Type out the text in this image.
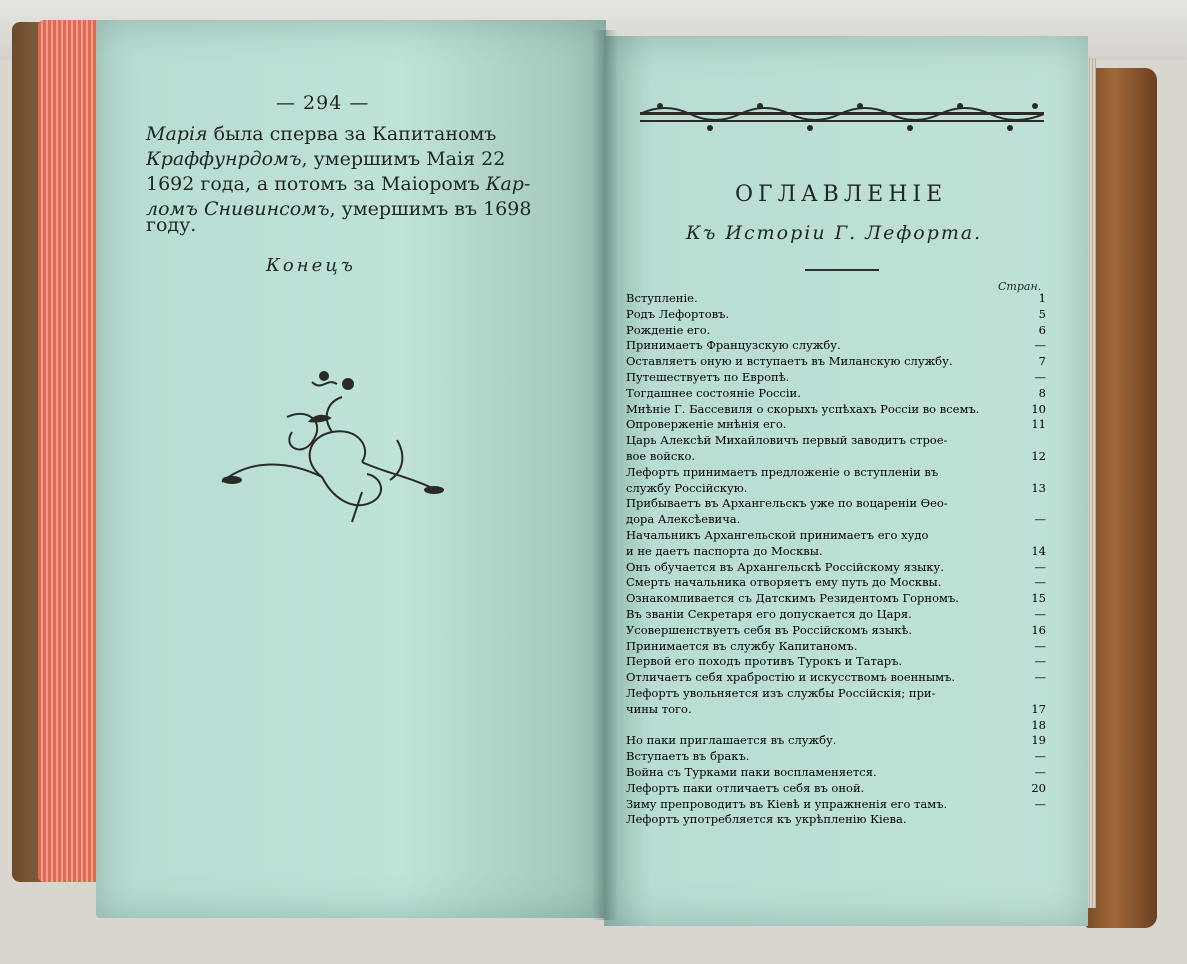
— 294 —
Марія была сперва за Капитаномъ
Краффунрдомъ, умершимъ Маія 22
1692 года, а потомъ за Маіоромъ Кар-
ломъ Снивинсомъ, умершимъ въ 1698
году.
Конецъ
ОГЛАВЛЕНІЕ
Къ Исторіи Г. Лефорта.
Стран.
Вступленіе.	1
Родъ Лефортовъ.	5
Рожденіе его.	6
Принимаетъ Французскую службу.	—
Оставляетъ оную и вступаетъ въ Миланскую службу.	7
Путешествуетъ по Европѣ.	—
Тогдашнее состояніе Россіи.	8
Мнѣніе Г. Бассевиля о скорыхъ успѣхахъ Россіи во всемъ.	10
Опроверженіе мнѣнія его.	11
Царь Алексѣй Михайловичъ первый заводитъ строе-
вое войско.	12
Лефортъ принимаетъ предложеніе о вступленіи въ
службу Россійскую.	13
Прибываетъ въ Архангельскъ уже по воцареніи Ѳео-
дора Алексѣевича.	—
Начальникъ Архангельской принимаетъ его худо
и не даетъ паспорта до Москвы.	14
Онъ обучается въ Архангельскѣ Россійскому языку.	—
Смерть начальника отворяетъ ему путь до Москвы.	—
Ознакомливается съ Датскимъ Резидентомъ Горномъ.	15
Въ званіи Секретаря его допускается до Царя.	—
Усовершенствуетъ себя въ Россійскомъ языкѣ.	16
Принимается въ службу Капитаномъ.	—
Первой его походъ противъ Турокъ и Татаръ.	—
Отличаетъ себя храбростію и искусствомъ военнымъ.	—
Лефортъ увольняется изъ службы Россійскія; при-
чины того.	17
18
Но паки приглашается въ службу.	19
Вступаетъ въ бракъ.	—
Война съ Турками паки воспламеняется.	—
Лефортъ паки отличаетъ себя въ оной.	20
Зиму препроводитъ въ Кіевѣ и упражненія его тамъ.	—
Лефортъ употребляется къ укрѣпленію Кіева.
